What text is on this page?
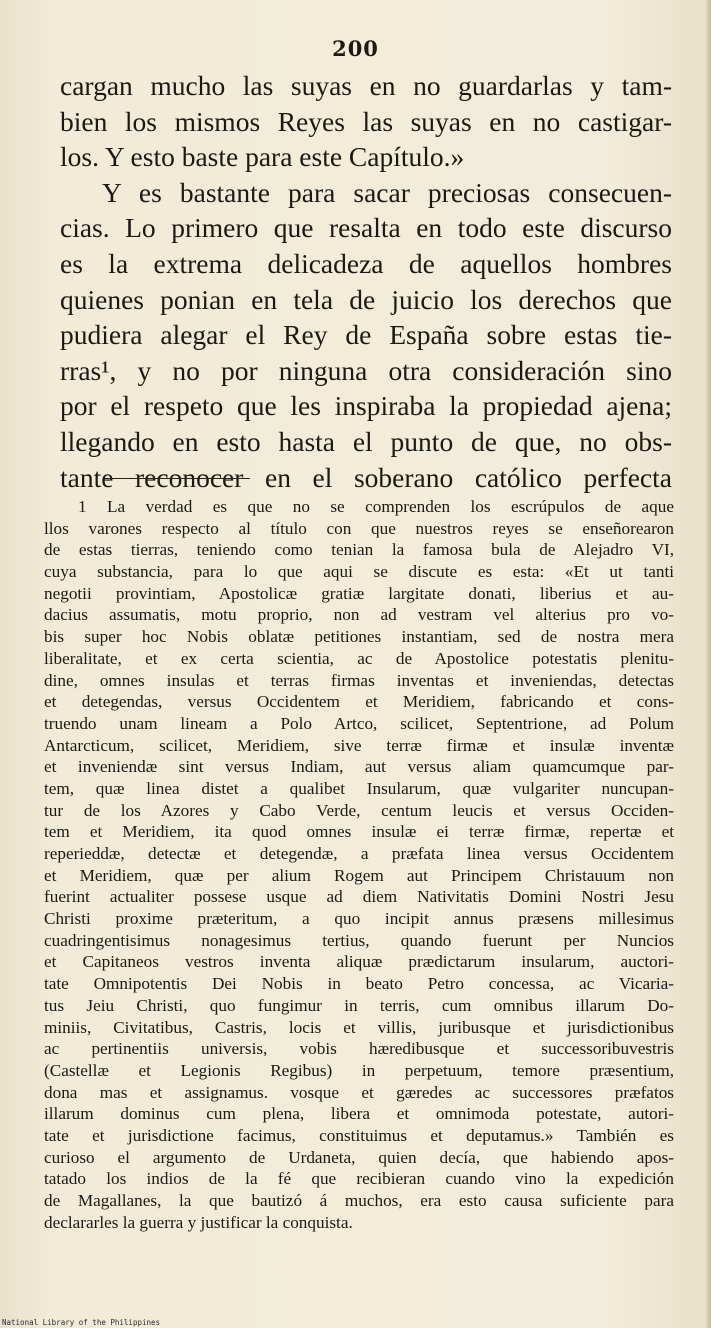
200
cargan mucho las suyas en no guardarlas y tam-
bien los mismos Reyes las suyas en no castigar-
los. Y esto baste para este Capítulo.»
Y es bastante para sacar preciosas consecuen-
cias. Lo primero que resalta en todo este discurso
es la extrema delicadeza de aquellos hombres
quienes ponian en tela de juicio los derechos que
pudiera alegar el Rey de España sobre estas tie-
rras¹, y no por ninguna otra consideración sino
por el respeto que les inspiraba la propiedad ajena;
llegando en esto hasta el punto de que, no obs-
tante reconocer en el soberano católico perfecta
1 La verdad es que no se comprenden los escrúpulos de aque
llos varones respecto al título con que nuestros reyes se enseñorearon
de estas tierras, teniendo como tenian la famosa bula de Alejadro VI,
cuya substancia, para lo que aqui se discute es esta: «Et ut tanti
negotii provintiam, Apostolicæ gratiæ largitate donati, liberius et au-
dacius assumatis, motu proprio, non ad vestram vel alterius pro vo-
bis super hoc Nobis oblatæ petitiones instantiam, sed de nostra mera
liberalitate, et ex certa scientia, ac de Apostolice potestatis plenitu-
dine, omnes insulas et terras firmas inventas et inveniendas, detectas
et detegendas, versus Occidentem et Meridiem, fabricando et cons-
truendo unam lineam a Polo Artco, scilicet, Septentrione, ad Polum
Antarcticum, scilicet, Meridiem, sive terræ firmæ et insulæ inventæ
et inveniendæ sint versus Indiam, aut versus aliam quamcumque par-
tem, quæ linea distet a qualibet Insularum, quæ vulgariter nuncupan-
tur de los Azores y Cabo Verde, centum leucis et versus Occiden-
tem et Meridiem, ita quod omnes insulæ ei terræ firmæ, repertæ et
reperieddæ, detectæ et detegendæ, a præfata linea versus Occidentem
et Meridiem, quæ per alium Rogem aut Principem Christauum non
fuerint actualiter possese usque ad diem Nativitatis Domini Nostri Jesu
Christi proxime præteritum, a quo incipit annus præsens millesimus
cuadringentisimus nonagesimus tertius, quando fuerunt per Nuncios
et Capitaneos vestros inventa aliquæ prædictarum insularum, auctori-
tate Omnipotentis Dei Nobis in beato Petro concessa, ac Vicaria-
tus Jeiu Christi, quo fungimur in terris, cum omnibus illarum Do-
miniis, Civitatibus, Castris, locis et villis, juribusque et jurisdictionibus
ac pertinentiis universis, vobis hæredibusque et successoribuvestris
(Castellæ et Legionis Regibus) in perpetuum, temore præsentium,
dona mas et assignamus. vosque et gæredes ac successores præfatos
illarum dominus cum plena, libera et omnimoda potestate, autori-
tate et jurisdictione facimus, constituimus et deputamus.» También es
curioso el argumento de Urdaneta, quien decía, que habiendo apos-
tatado los indios de la fé que recibieran cuando vino la expedición
de Magallanes, la que bautizó á muchos, era esto causa suficiente para
declararles la guerra y justificar la conquista.
National Library of the Philippines
